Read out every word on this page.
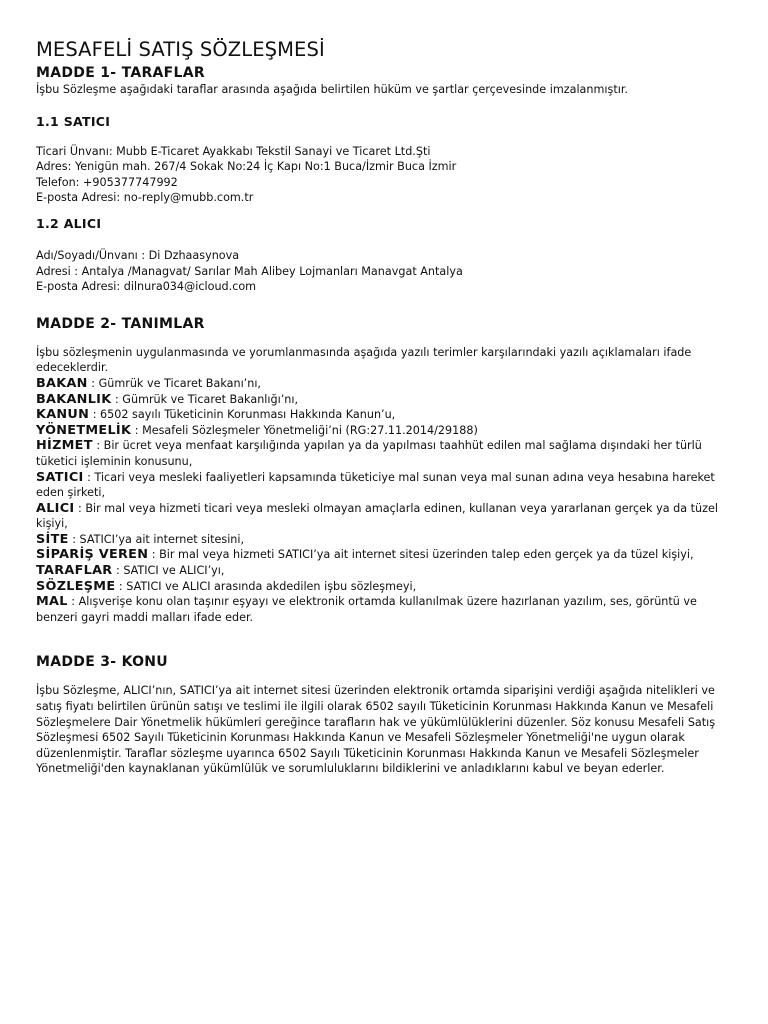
MESAFELİ SATIŞ SÖZLEŞMESİ
MADDE 1- TARAFLAR

İşbu Sözleşme aşağıdaki taraflar arasında aşağıda belirtilen hüküm ve şartlar çerçevesinde imzalanmıştır.

1.1 SATICI

Ticari Ünvanı: Mubb E-Ticaret Ayakkabı Tekstil Sanayi ve Ticaret Ltd.Şti

Adres: Yenigün mah. 267/4 Sokak No:24 İç Kapı No:1 Buca/İzmir Buca İzmir

Telefon: +905377747992

E-posta Adresi: no-reply@mubb.com.tr

1.2 ALICI

Adı/Soyadı/Ünvanı : Di Dzhaasynova

Adresi : Antalya /Managvat/ Sarılar Mah Alibey Lojmanları Manavgat Antalya

E-posta Adresi: dilnura034@icloud.com

MADDE 2- TANIMLAR

İşbu sözleşmenin uygulanmasında ve yorumlanmasında aşağıda yazılı terimler karşılarındaki yazılı açıklamaları ifade edeceklerdir.

BAKAN : Gümrük ve Ticaret Bakanı’nı,

BAKANLIK : Gümrük ve Ticaret Bakanlığı’nı,

KANUN : 6502 sayılı Tüketicinin Korunması Hakkında Kanun’u,

YÖNETMELİK : Mesafeli Sözleşmeler Yönetmeliği’ni (RG:27.11.2014/29188)

HİZMET : Bir ücret veya menfaat karşılığında yapılan ya da yapılması taahhüt edilen mal sağlama dışındaki her türlü tüketici işleminin konusunu,

SATICI : Ticari veya mesleki faaliyetleri kapsamında tüketiciye mal sunan veya mal sunan adına veya hesabına hareket eden şirketi,

ALICI : Bir mal veya hizmeti ticari veya mesleki olmayan amaçlarla edinen, kullanan veya yararlanan gerçek ya da tüzel kişiyi,

SİTE : SATICI’ya ait internet sitesini,

SİPARİŞ VEREN : Bir mal veya hizmeti SATICI’ya ait internet sitesi üzerinden talep eden gerçek ya da tüzel kişiyi,

TARAFLAR : SATICI ve ALICI’yı,

SÖZLEŞME : SATICI ve ALICI arasında akdedilen işbu sözleşmeyi,

MAL : Alışverişe konu olan taşınır eşyayı ve elektronik ortamda kullanılmak üzere hazırlanan yazılım, ses, görüntü ve benzeri gayri maddi malları ifade eder.

MADDE 3- KONU

İşbu Sözleşme, ALICI’nın, SATICI’ya ait internet sitesi üzerinden elektronik ortamda siparişini verdiği aşağıda nitelikleri ve satış fiyatı belirtilen ürünün satışı ve teslimi ile ilgili olarak 6502 sayılı Tüketicinin Korunması Hakkında Kanun ve Mesafeli Sözleşmelere Dair Yönetmelik hükümleri gereğince tarafların hak ve yükümlülüklerini düzenler. Söz konusu Mesafeli Satış Sözleşmesi 6502 Sayılı Tüketicinin Korunması Hakkında Kanun ve Mesafeli Sözleşmeler Yönetmeliği'ne uygun olarak düzenlenmiştir. Taraflar sözleşme uyarınca 6502 Sayılı Tüketicinin Korunması Hakkında Kanun ve Mesafeli Sözleşmeler Yönetmeliği'den kaynaklanan yükümlülük ve sorumluluklarını bildiklerini ve anladıklarını kabul ve beyan ederler.
